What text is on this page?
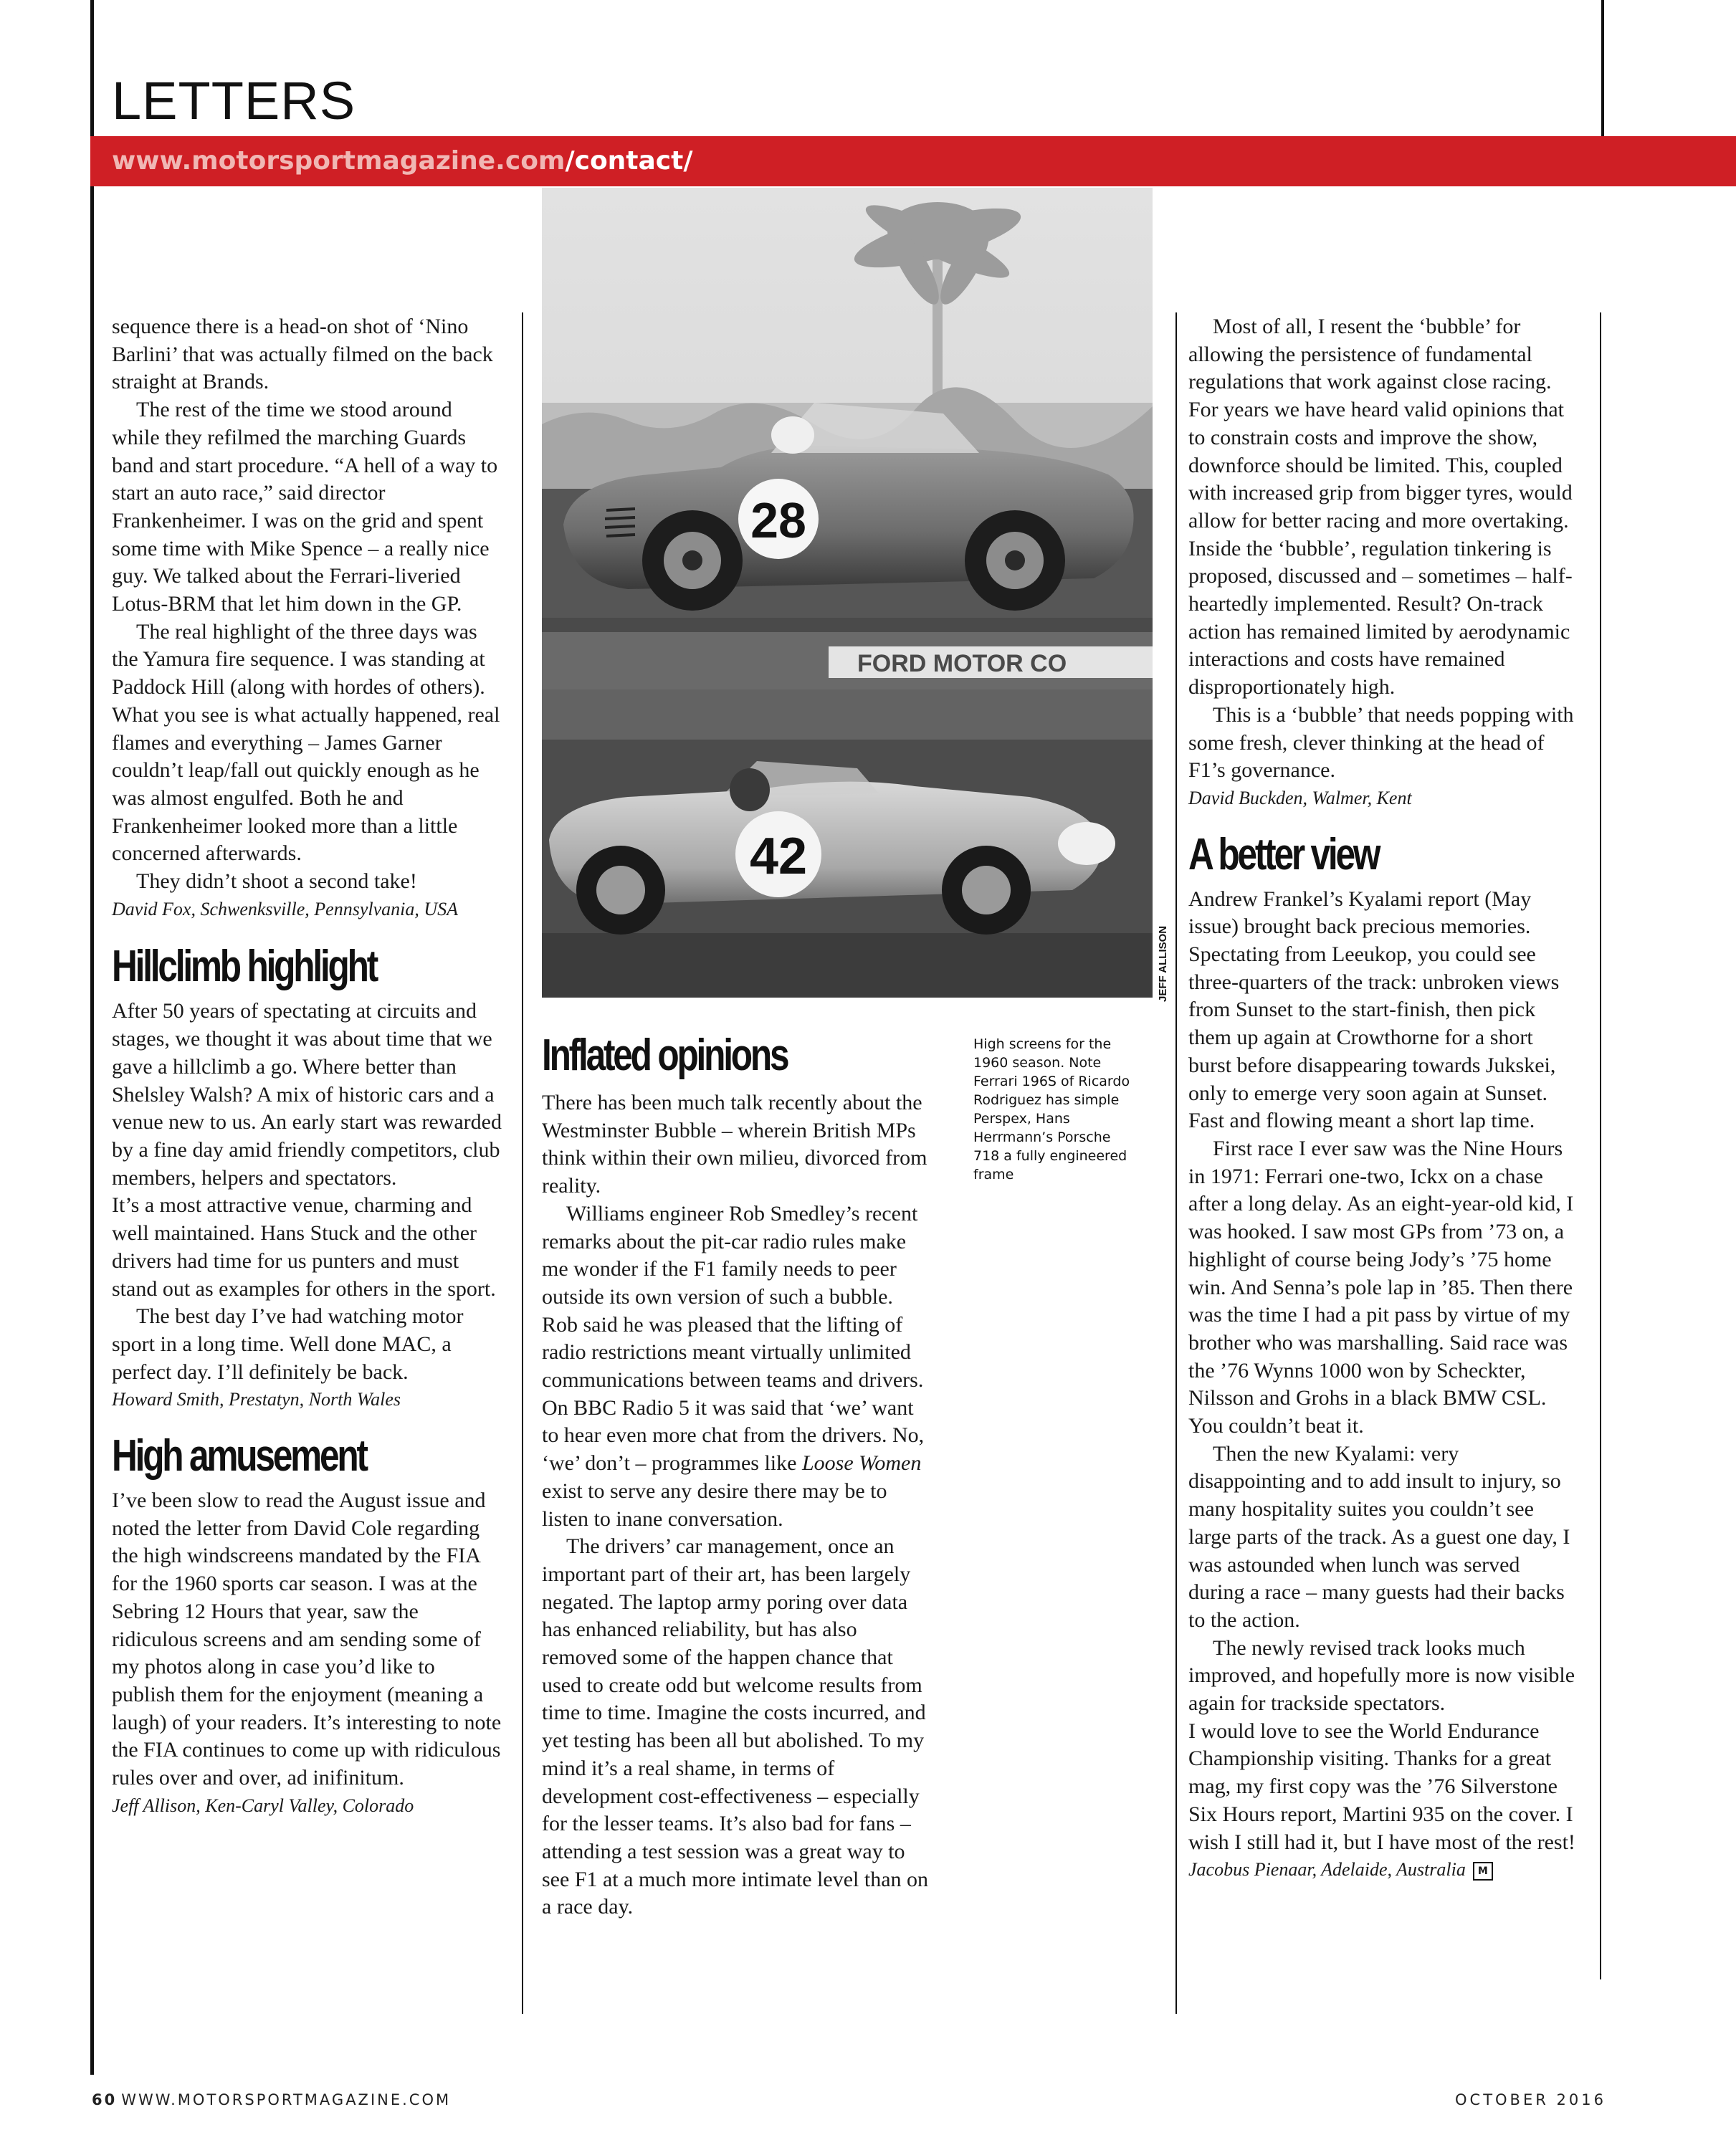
LETTERS
www.motorsportmagazine.com/contact/
28
FORD MOTOR CO
42
JEFF ALLISON
High screens for the 1960 season. Note Ferrari 196S of Ricardo Rodriguez has simple Perspex, Hans Herrmann’s Porsche 718 a fully engineered frame

sequence there is a head-on shot of ‘Nino Barlini’ that was actually filmed on the back straight at Brands.

The rest of the time we stood around while they refilmed the marching Guards band and start procedure. “A hell of a way to start an auto race,” said director Frankenheimer. I was on the grid and spent some time with Mike Spence – a really nice guy. We talked about the Ferrari-liveried Lotus-BRM that let him down in the GP.

The real highlight of the three days was the Yamura fire sequence. I was standing at Paddock Hill (along with hordes of others). What you see is what actually happened, real flames and everything – James Garner couldn’t leap/fall out quickly enough as he was almost engulfed. Both he and Frankenheimer looked more than a little concerned afterwards.

They didn’t shoot a second take!

David Fox, Schwenksville, Pennsylvania, USA

Hillclimb highlight

After 50 years of spectating at circuits and stages, we thought it was about time that we gave a hillclimb a go. Where better than Shelsley Walsh? A mix of historic cars and a venue new to us. An early start was rewarded by a fine day amid friendly competitors, club members, helpers and spectators.

It’s a most attractive venue, charming and well maintained. Hans Stuck and the other drivers had time for us punters and must stand out as examples for others in the sport.

The best day I’ve had watching motor sport in a long time. Well done MAC, a perfect day. I’ll definitely be back.

Howard Smith, Prestatyn, North Wales

High amusement

I’ve been slow to read the August issue and noted the letter from David Cole regarding the high windscreens mandated by the FIA for the 1960 sports car season. I was at the Sebring 12 Hours that year, saw the ridiculous screens and am sending some of my photos along in case you’d like to publish them for the enjoyment (meaning a laugh) of your readers. It’s interesting to note the FIA continues to come up with ridiculous rules over and over, ad inifinitum.

Jeff Allison, Ken-Caryl Valley, Colorado

Inflated opinions

There has been much talk recently about the Westminster Bubble – wherein British MPs think within their own milieu, divorced from reality.

Williams engineer Rob Smedley’s recent remarks about the pit-car radio rules make me wonder if the F1 family needs to peer outside its own version of such a bubble. Rob said he was pleased that the lifting of radio restrictions meant virtually unlimited communications between teams and drivers. On BBC Radio 5 it was said that ‘we’ want to hear even more chat from the drivers. No, ‘we’ don’t – programmes like Loose Women exist to serve any desire there may be to listen to inane conversation.

The drivers’ car management, once an important part of their art, has been largely negated. The laptop army poring over data has enhanced reliability, but has also removed some of the happen chance that used to create odd but welcome results from time to time. Imagine the costs incurred, and yet testing has been all but abolished. To my mind it’s a real shame, in terms of development cost-effectiveness – especially for the lesser teams. It’s also bad for fans – attending a test session was a great way to see F1 at a much more intimate level than on a race day.

Most of all, I resent the ‘bubble’ for allowing the persistence of fundamental regulations that work against close racing. For years we have heard valid opinions that to constrain costs and improve the show, downforce should be limited. This, coupled with increased grip from bigger tyres, would allow for better racing and more overtaking. Inside the ‘bubble’, regulation tinkering is proposed, discussed and – sometimes – half-heartedly implemented. Result? On-track action has remained limited by aerodynamic interactions and costs have remained disproportionately high.

This is a ‘bubble’ that needs popping with some fresh, clever thinking at the head of F1’s governance.

David Buckden, Walmer, Kent

A better view

Andrew Frankel’s Kyalami report (May issue) brought back precious memories. Spectating from Leeukop, you could see three-quarters of the track: unbroken views from Sunset to the start-finish, then pick them up again at Crowthorne for a short burst before disappearing towards Jukskei, only to emerge very soon again at Sunset. Fast and flowing meant a short lap time.

First race I ever saw was the Nine Hours in 1971: Ferrari one-two, Ickx on a chase after a long delay. As an eight-year-old kid, I was hooked. I saw most GPs from ’73 on, a highlight of course being Jody’s ’75 home win. And Senna’s pole lap in ’85. Then there was the time I had a pit pass by virtue of my brother who was marshalling. Said race was the ’76 Wynns 1000 won by Scheckter, Nilsson and Grohs in a black BMW CSL. You couldn’t beat it.

Then the new Kyalami: very disappointing and to add insult to injury, so many hospitality suites you couldn’t see large parts of the track. As a guest one day, I was astounded when lunch was served during a race – many guests had their backs to the action.

The newly revised track looks much improved, and hopefully more is now visible again for trackside spectators.

I would love to see the World Endurance Championship visiting. Thanks for a great mag, my first copy was the ’76 Silverstone Six Hours report, Martini 935 on the cover. I wish I still had it, but I have most of the rest!

Jacobus Pienaar, Adelaide, Australia M

60 WWW.MOTORSPORTMAGAZINE.COM	OCTOBER 2016
